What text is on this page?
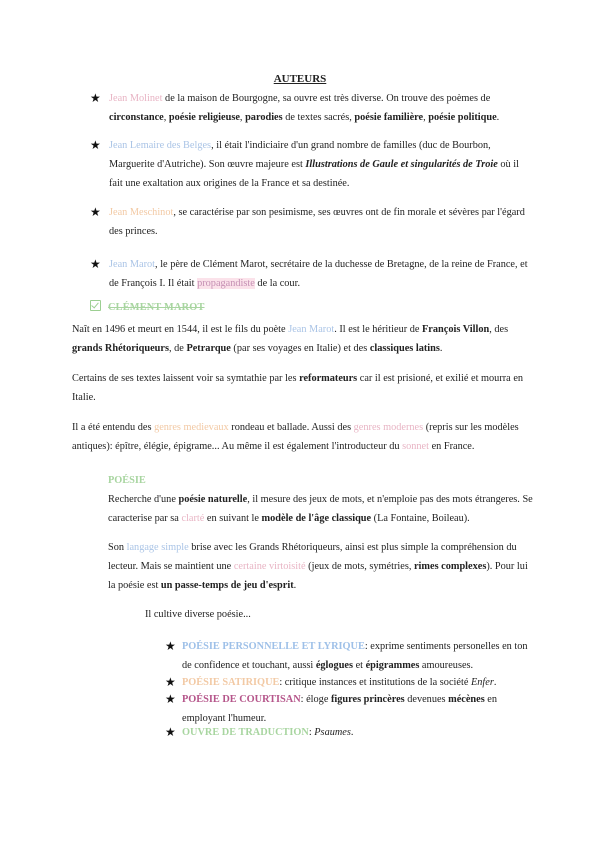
AUTEURS
★ Jean Molinet de la maison de Bourgogne, sa ouvre est très diverse. On trouve des poèmes de circonstance, poésie religieuse, parodies de textes sacrés, poésie familière, poésie politique.
★ Jean Lemaire des Belges, il était l'indiciaire d'un grand nombre de familles (duc de Bourbon, Marguerite d'Autriche). Son œuvre majeure est Illustrations de Gaule et singularités de Troie où il fait une exaltation aux origines de la France et sa destinée.
★ Jean Meschinot, se caractérise par son pesimisme, ses œuvres ont de fin morale et sévères par l'égard des princes.
★ Jean Marot, le père de Clément Marot, secrétaire de la duchesse de Bretagne, de la reine de France, et de François I. Il était propagandiste de la cour.
CLÉMENT MAROT
Naît en 1496 et meurt en 1544, il est le fils du poète Jean Marot. Il est le héritieur de François Villon, des grands Rhétoriqueurs, de Petrarque (par ses voyages en Italie) et des classiques latins.
Certains de ses textes laissent voir sa symtathie par les reformateurs car il est prisioné, et exilié et mourra en Italie.
Il a été entendu des genres medievaux rondeau et ballade. Aussi des genres modernes (repris sur les modèles antiques): épître, élégie, épigrame... Au même il est également l'introducteur du sonnet en France.
POÉSIE
Recherche d'une poésie naturelle, il mesure des jeux de mots, et n'emploie pas des mots étrangeres. Se caracterise par sa clarté en suivant le modèle de l'âge classique (La Fontaine, Boileau).
Son langage simple brise avec les Grands Rhétoriqueurs, ainsi est plus simple la compréhension du lecteur. Mais se maintient une certaine virtoisité (jeux de mots, symétries, rimes complexes). Pour lui la poésie est un passe-temps de jeu d'esprit.
Il cultive diverse poésie...
★ POÉSIE PERSONNELLE ET LYRIQUE: exprime sentiments personelles en ton de confidence et touchant, aussi églogues et épigrammes amoureuses.
★ POÉSIE SATIRIQUE: critique instances et institutions de la société Enfer.
★ POÉSIE DE COURTISAN: éloge figures princères devenues mécènes en employant l'humeur.
★ OUVRE DE TRADUCTION: Psaumes.
